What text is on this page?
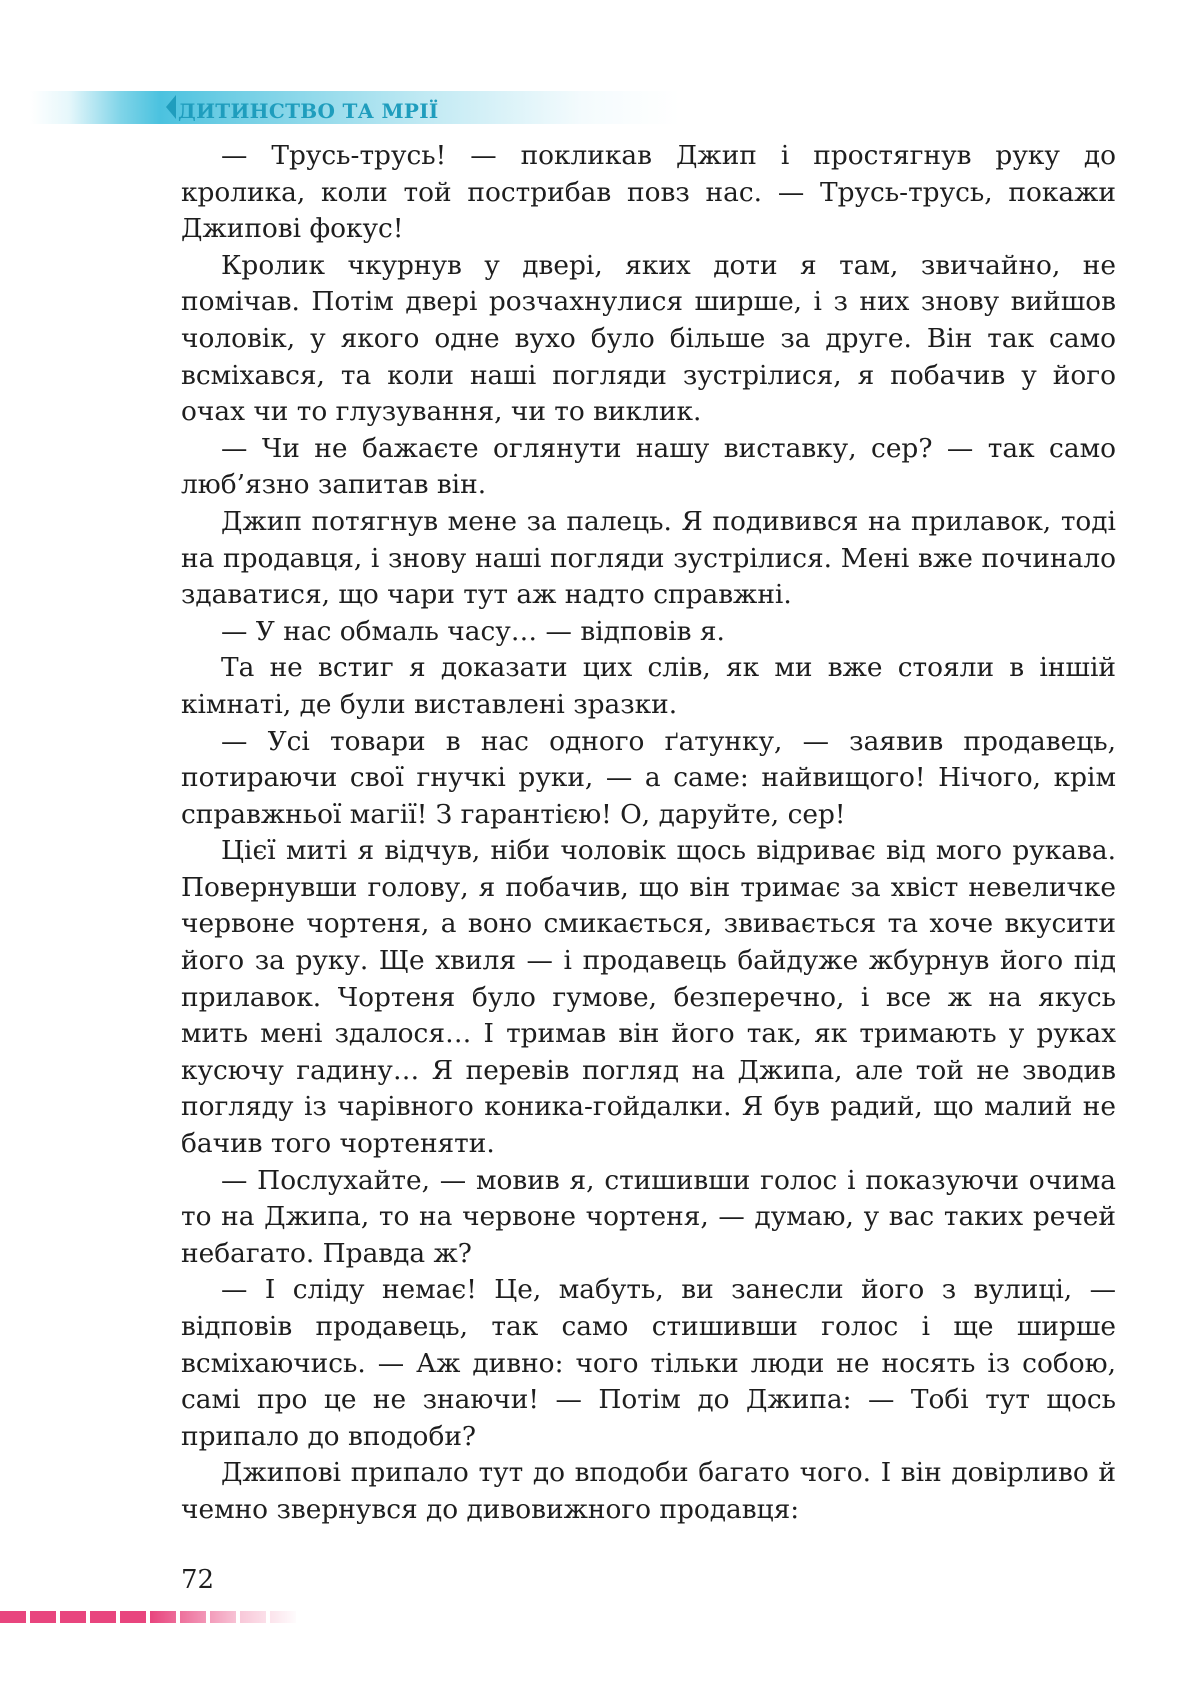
ДИТИНСТВО ТА МРІЇ

— Трусь-трусь! — покликав Джип і простягнув руку до кролика, коли той пострибав повз нас. — Трусь-трусь, покажи Джипові фокус!

Кролик чкурнув у двері, яких доти я там, звичайно, не помічав. Потім двері розчахнулися ширше, і з них знову вийшов чоловік, у якого одне вухо було більше за друге. Він так само всміхався, та коли наші погляди зустрілися, я побачив у його очах чи то глузування, чи то виклик.

— Чи не бажаєте оглянути нашу виставку, сер? — так само люб’язно запитав він.

Джип потягнув мене за палець. Я подивився на прилавок, тоді на продавця, і знову наші погляди зустрілися. Мені вже починало здаватися, що чари тут аж надто справжні.

— У нас обмаль часу… — відповів я.

Та не встиг я доказати цих слів, як ми вже стояли в іншій кімнаті, де були виставлені зразки.

— Усі товари в нас одного ґатунку, — заявив продавець, потираючи свої гнучкі руки, — а саме: найвищого! Нічого, крім справжньої магії! З гарантією! О, даруйте, сер!

Цієї миті я відчув, ніби чоловік щось відриває від мого рукава. Повернувши голову, я побачив, що він тримає за хвіст невеличке червоне чортеня, а воно смикається, звивається та хоче вкусити його за руку. Ще хвиля — і продавець байдуже жбурнув його під прилавок. Чортеня було гумове, безперечно, і все ж на якусь мить мені здалося… І тримав він його так, як тримають у руках кусючу гадину… Я перевів погляд на Джипа, але той не зводив погляду із чарівного коника-гойдалки. Я був радий, що малий не бачив того чортеняти.

— Послухайте, — мовив я, стишивши голос і показуючи очима то на Джипа, то на червоне чортеня, — думаю, у вас таких речей небагато. Правда ж?

— І сліду немає! Це, мабуть, ви занесли його з вулиці, — відповів продавець, так само стишивши голос і ще ширше всміхаючись. — Аж дивно: чого тільки люди не носять із собою, самі про це не знаючи! — Потім до Джипа: — Тобі тут щось припало до вподоби?

Джипові припало тут до вподоби багато чого. І він довірливо й чемно звернувся до дивовижного продавця:

72
